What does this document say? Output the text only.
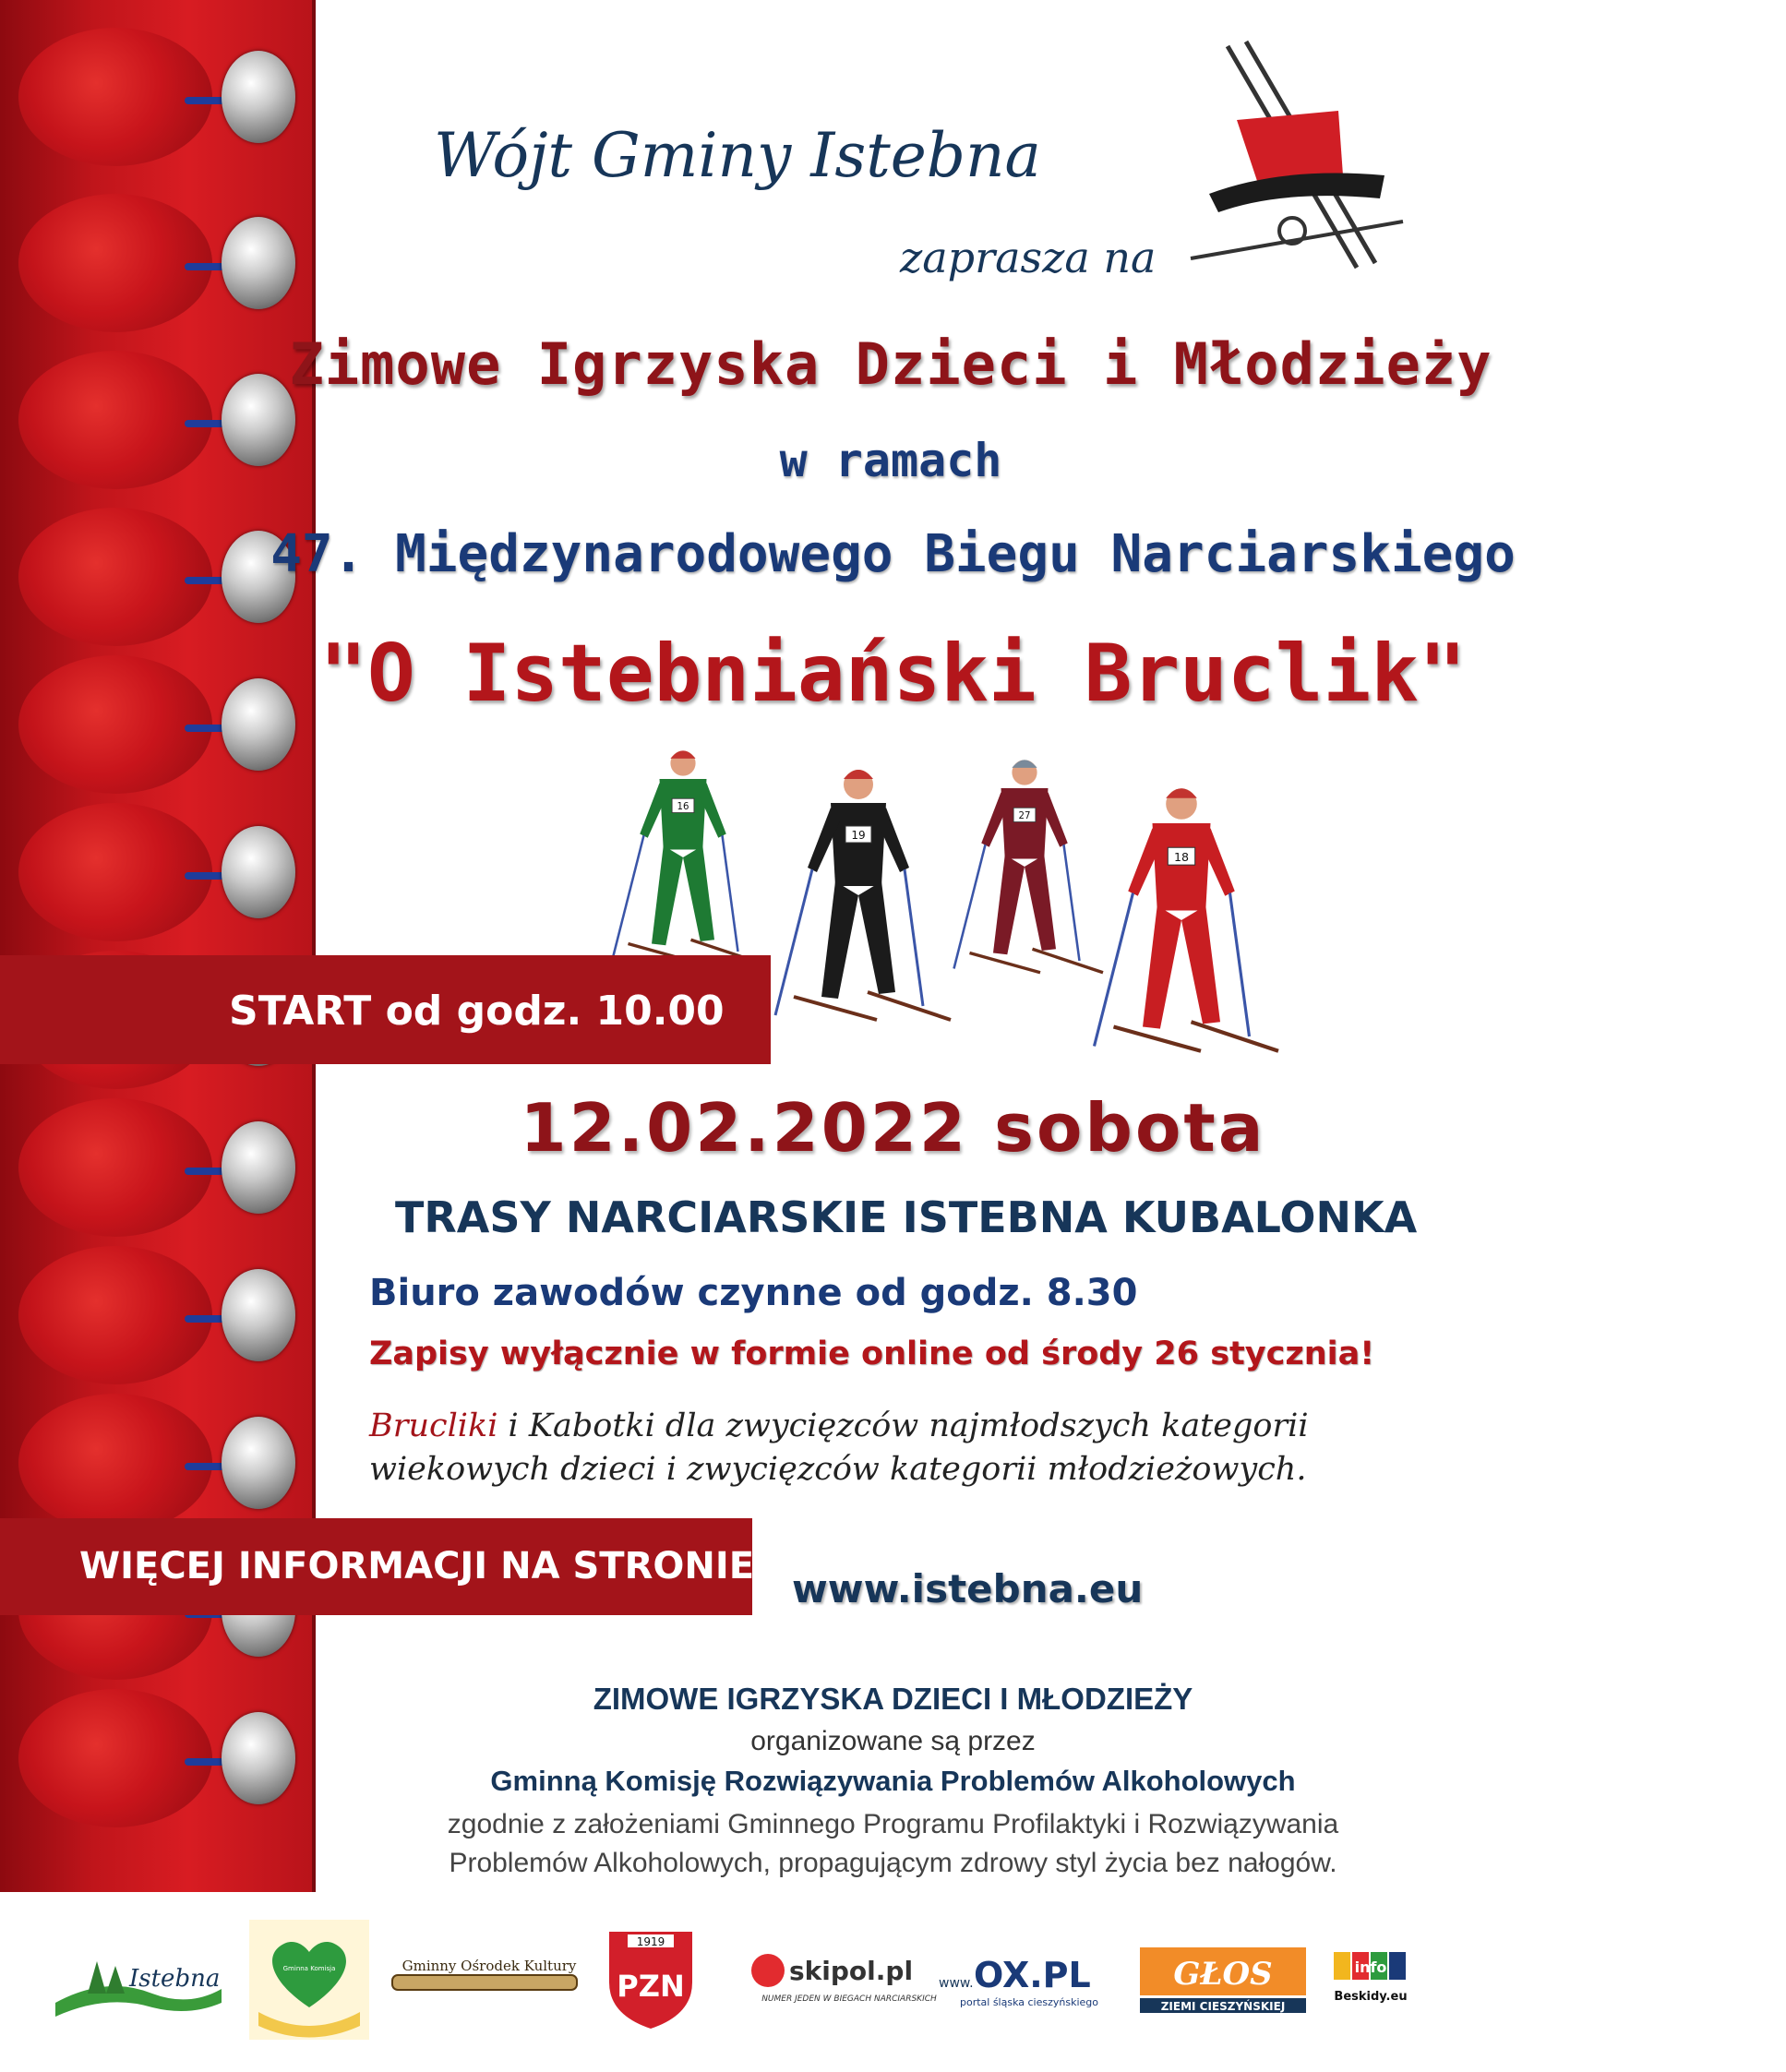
Wójt Gminy Istebna
zaprasza na
Zimowe Igrzyska Dzieci i Młodzieży
w ramach
47. Międzynarodowego Biegu Narciarskiego
"O Istebniański Bruclik"
16
19
27
18
START od godz. 10.00
12.02.2022 sobota
TRASY NARCIARSKIE ISTEBNA KUBALONKA
Biuro zawodów czynne od godz. 8.30
Zapisy wyłącznie w formie online od środy 26 stycznia!
Brucliki i Kabotki dla zwycięzców najmłodszych kategorii wiekowych dzieci i zwycięzców kategorii młodzieżowych.
WIĘCEJ INFORMACJI NA STRONIE www.istebna.eu
ZIMOWE IGRZYSKA DZIECI I MŁODZIEŻY
organizowane są przez
Gminną Komisję Rozwiązywania Problemów Alkoholowych
zgodnie z założeniami Gminnego Programu Profilaktyki i Rozwiązywania
Problemów Alkoholowych, propagującym zdrowy styl życia bez nałogów.
Istebna	Gminna Komisja	Gminny Ośrodek Kultury
1919
PZN	skipol.pl
NUMER JEDEN W BIEGACH NARCIARSKICH
www. OX.PL
portal śląska cieszyńskiego
GŁOS
ZIEMI CIESZYŃSKIEJ
info
Beskidy.eu
